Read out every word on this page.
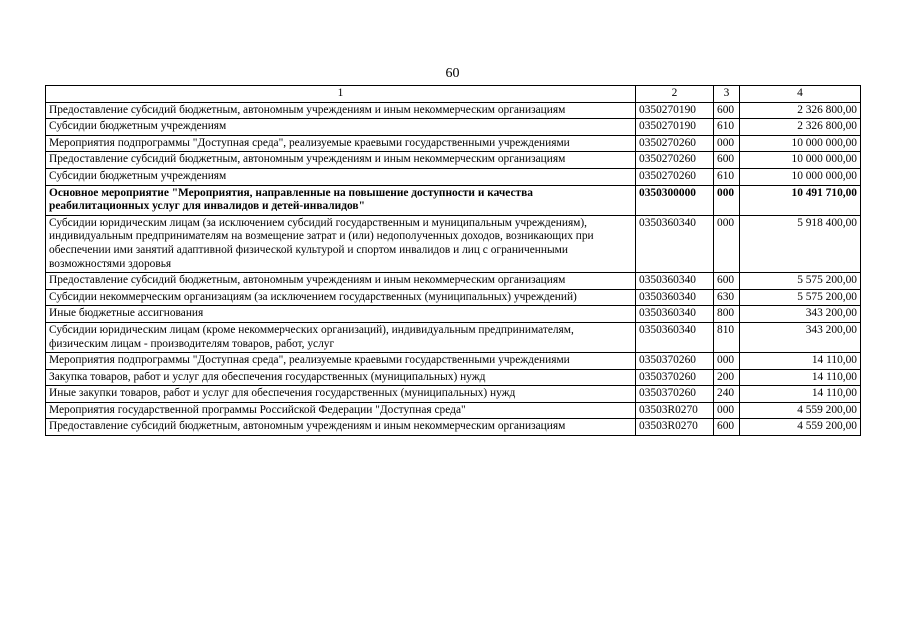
60
1	2	3	4
Предоставление субсидий бюджетным, автономным учреждениям и иным некоммерческим организациям	0350270190	600	2 326 800,00
Субсидии бюджетным учреждениям	0350270190	610	2 326 800,00
Мероприятия подпрограммы "Доступная среда", реализуемые краевыми государственными учреждениями	0350270260	000	10 000 000,00
Предоставление субсидий бюджетным, автономным учреждениям и иным некоммерческим организациям	0350270260	600	10 000 000,00
Субсидии бюджетным учреждениям	0350270260	610	10 000 000,00
Основное мероприятие "Мероприятия, направленные на повышение доступности и качества реабилитационных услуг для инвалидов и детей-инвалидов"	0350300000	000	10 491 710,00
Субсидии юридическим лицам (за исключением субсидий государственным и муниципальным учреждениям), индивидуальным предпринимателям на возмещение затрат и (или) недополученных доходов, возникающих при обеспечении ими занятий адаптивной физической культурой и спортом инвалидов и лиц с ограниченными возможностями здоровья	0350360340	000	5 918 400,00
Предоставление субсидий бюджетным, автономным учреждениям и иным некоммерческим организациям	0350360340	600	5 575 200,00
Субсидии некоммерческим организациям (за исключением государственных (муниципальных) учреждений)	0350360340	630	5 575 200,00
Иные бюджетные ассигнования	0350360340	800	343 200,00
Субсидии юридическим лицам (кроме некоммерческих организаций), индивидуальным предпринимателям, физическим лицам - производителям товаров, работ, услуг	0350360340	810	343 200,00
Мероприятия подпрограммы "Доступная среда", реализуемые краевыми государственными учреждениями	0350370260	000	14 110,00
Закупка товаров, работ и услуг для обеспечения государственных (муниципальных) нужд	0350370260	200	14 110,00
Иные закупки товаров, работ и услуг для обеспечения государственных (муниципальных) нужд	0350370260	240	14 110,00
Мероприятия государственной программы Российской Федерации "Доступная среда"	03503R0270	000	4 559 200,00
Предоставление субсидий бюджетным, автономным учреждениям и иным некоммерческим организациям	03503R0270	600	4 559 200,00
